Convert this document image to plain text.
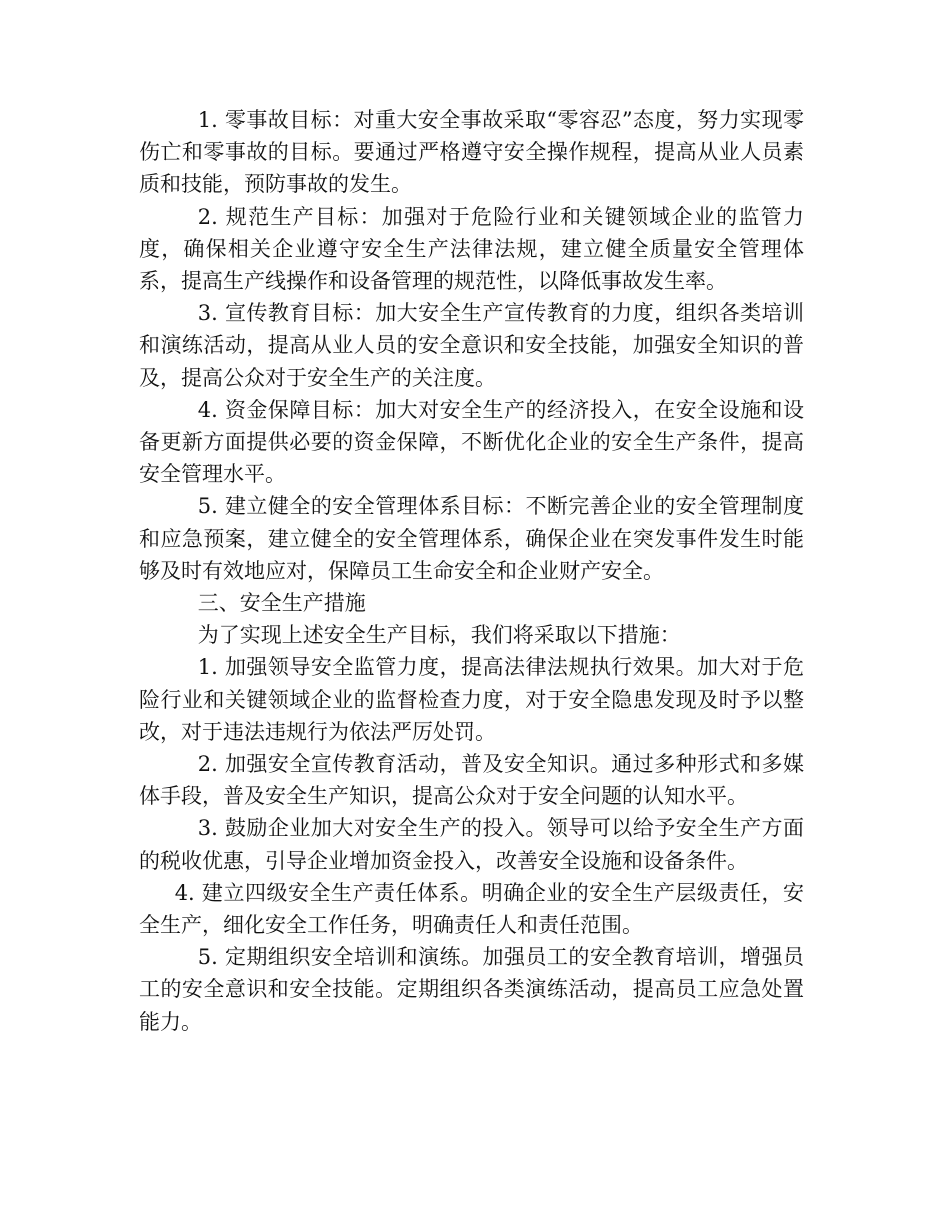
1. 零事故目标：对重大安全事故采取“零容忍”态度，努力实现零伤亡和零事故的目标。要通过严格遵守安全操作规程，提高从业人员素质和技能，预防事故的发生。

2. 规范生产目标：加强对于危险行业和关键领域企业的监管力度，确保相关企业遵守安全生产法律法规，建立健全质量安全管理体系，提高生产线操作和设备管理的规范性，以降低事故发生率。

3. 宣传教育目标：加大安全生产宣传教育的力度，组织各类培训和演练活动，提高从业人员的安全意识和安全技能，加强安全知识的普及，提高公众对于安全生产的关注度。

4. 资金保障目标：加大对安全生产的经济投入，在安全设施和设备更新方面提供必要的资金保障，不断优化企业的安全生产条件，提高安全管理水平。

5. 建立健全的安全管理体系目标：不断完善企业的安全管理制度和应急预案，建立健全的安全管理体系，确保企业在突发事件发生时能够及时有效地应对，保障员工生命安全和企业财产安全。

三、安全生产措施

为了实现上述安全生产目标，我们将采取以下措施：

1. 加强领导安全监管力度，提高法律法规执行效果。加大对于危险行业和关键领域企业的监督检查力度，对于安全隐患发现及时予以整改，对于违法违规行为依法严厉处罚。

2. 加强安全宣传教育活动，普及安全知识。通过多种形式和多媒体手段，普及安全生产知识，提高公众对于安全问题的认知水平。

3. 鼓励企业加大对安全生产的投入。领导可以给予安全生产方面的税收优惠，引导企业增加资金投入，改善安全设施和设备条件。

4. 建立四级安全生产责任体系。明确企业的安全生产层级责任，安全生产，细化安全工作任务，明确责任人和责任范围。

5. 定期组织安全培训和演练。加强员工的安全教育培训，增强员工的安全意识和安全技能。定期组织各类演练活动，提高员工应急处置能力。
